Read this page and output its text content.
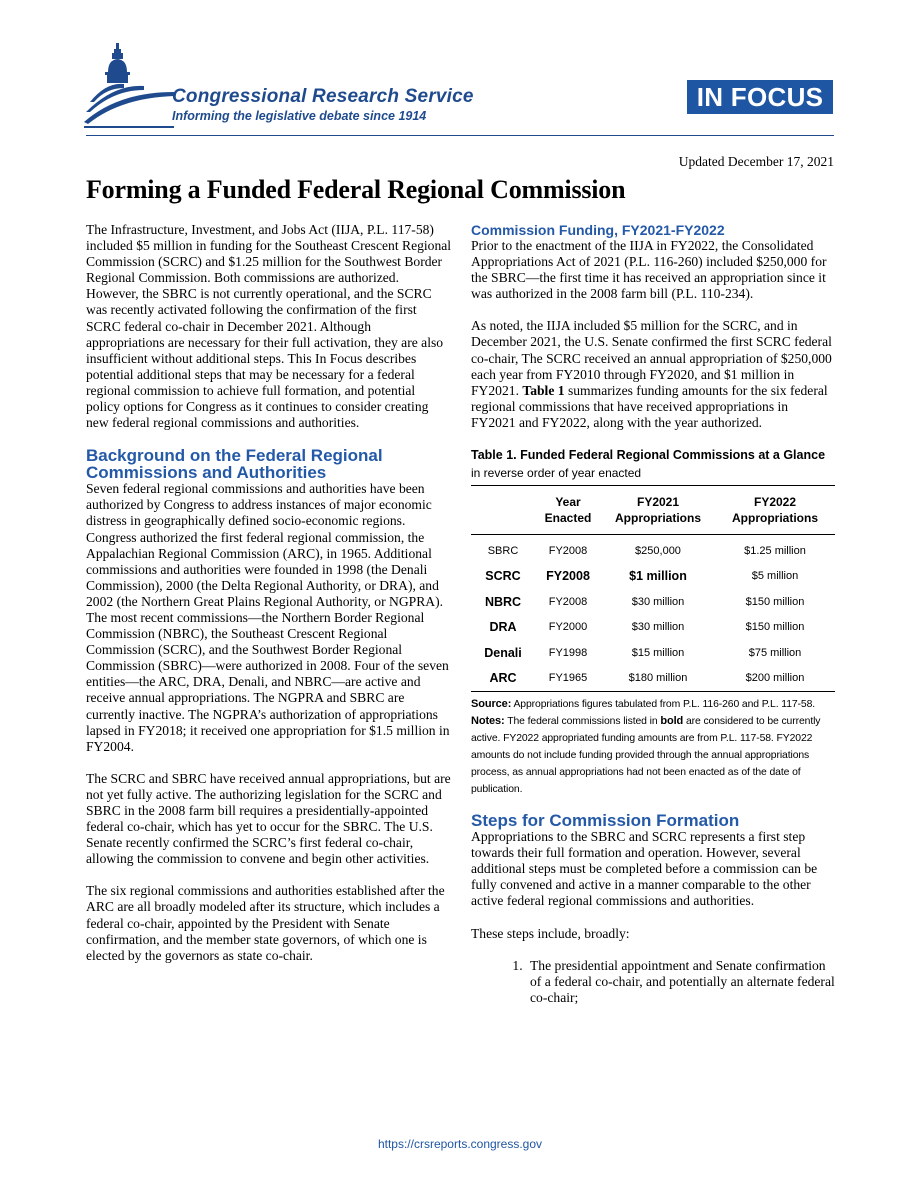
Congressional Research Service
Informing the legislative debate since 1914
IN FOCUS
Updated December 17, 2021
Forming a Funded Federal Regional Commission

The Infrastructure, Investment, and Jobs Act (IIJA, P.L. 117-58) included $5 million in funding for the Southeast Crescent Regional Commission (SCRC) and $1.25 million for the Southwest Border Regional Commission. Both commissions are authorized. However, the SBRC is not currently operational, and the SCRC was recently activated following the confirmation of the first SCRC federal co-chair in December 2021. Although appropriations are necessary for their full activation, they are also insufficient without additional steps. This In Focus describes potential additional steps that may be necessary for a federal regional commission to achieve full formation, and potential policy options for Congress as it continues to consider creating new federal regional commissions and authorities.

Background on the Federal Regional Commissions and Authorities

Seven federal regional commissions and authorities have been authorized by Congress to address instances of major economic distress in geographically defined socio-economic regions. Congress authorized the first federal regional commission, the Appalachian Regional Commission (ARC), in 1965. Additional commissions and authorities were founded in 1998 (the Denali Commission), 2000 (the Delta Regional Authority, or DRA), and 2002 (the Northern Great Plains Regional Authority, or NGPRA). The most recent commissions—the Northern Border Regional Commission (NBRC), the Southeast Crescent Regional Commission (SCRC), and the Southwest Border Regional Commission (SBRC)—were authorized in 2008. Four of the seven entities—the ARC, DRA, Denali, and NBRC—are active and receive annual appropriations. The NGPRA and SBRC are currently inactive. The NGPRA’s authorization of appropriations lapsed in FY2018; it received one appropriation for $1.5 million in FY2004.

The SCRC and SBRC have received annual appropriations, but are not yet fully active. The authorizing legislation for the SCRC and SBRC in the 2008 farm bill requires a presidentially-appointed federal co-chair, which has yet to occur for the SBRC. The U.S. Senate recently confirmed the SCRC’s first federal co-chair, allowing the commission to convene and begin other activities.

The six regional commissions and authorities established after the ARC are all broadly modeled after its structure, which includes a federal co-chair, appointed by the President with Senate confirmation, and the member state governors, of which one is elected by the governors as state co-chair.

Commission Funding, FY2021-FY2022

Prior to the enactment of the IIJA in FY2022, the Consolidated Appropriations Act of 2021 (P.L. 116-260) included $250,000 for the SBRC—the first time it has received an appropriation since it was authorized in the 2008 farm bill (P.L. 110-234).

As noted, the IIJA included $5 million for the SCRC, and in December 2021, the U.S. Senate confirmed the first SCRC federal co-chair, The SCRC received an annual appropriation of $250,000 each year from FY2010 through FY2020, and $1 million in FY2021. Table 1 summarizes funding amounts for the six federal regional commissions that have received appropriations in FY2021 and FY2022, along with the year authorized.

Table 1. Funded Federal Regional Commissions at a Glance
in reverse order of year enacted
	Year Enacted	FY2021 Appropriations	FY2022 Appropriations
SBRC	FY2008	$250,000	$1.25 million
SCRC	FY2008	$1 million	$5 million
NBRC	FY2008	$30 million	$150 million
DRA	FY2000	$30 million	$150 million
Denali	FY1998	$15 million	$75 million
ARC	FY1965	$180 million	$200 million
Source: Appropriations figures tabulated from P.L. 116-260 and P.L. 117-58.
Notes: The federal commissions listed in bold are considered to be currently active. FY2022 appropriated funding amounts are from P.L. 117-58. FY2022 amounts do not include funding provided through the annual appropriations process, as annual appropriations had not been enacted as of the date of publication.
Steps for Commission Formation

Appropriations to the SBRC and SCRC represents a first step towards their full formation and operation. However, several additional steps must be completed before a commission can be fully convened and active in a manner comparable to the other active federal regional commissions and authorities.

These steps include, broadly:

1. The presidential appointment and Senate confirmation of a federal co-chair, and potentially an alternate federal co-chair;
https://crsreports.congress.gov
